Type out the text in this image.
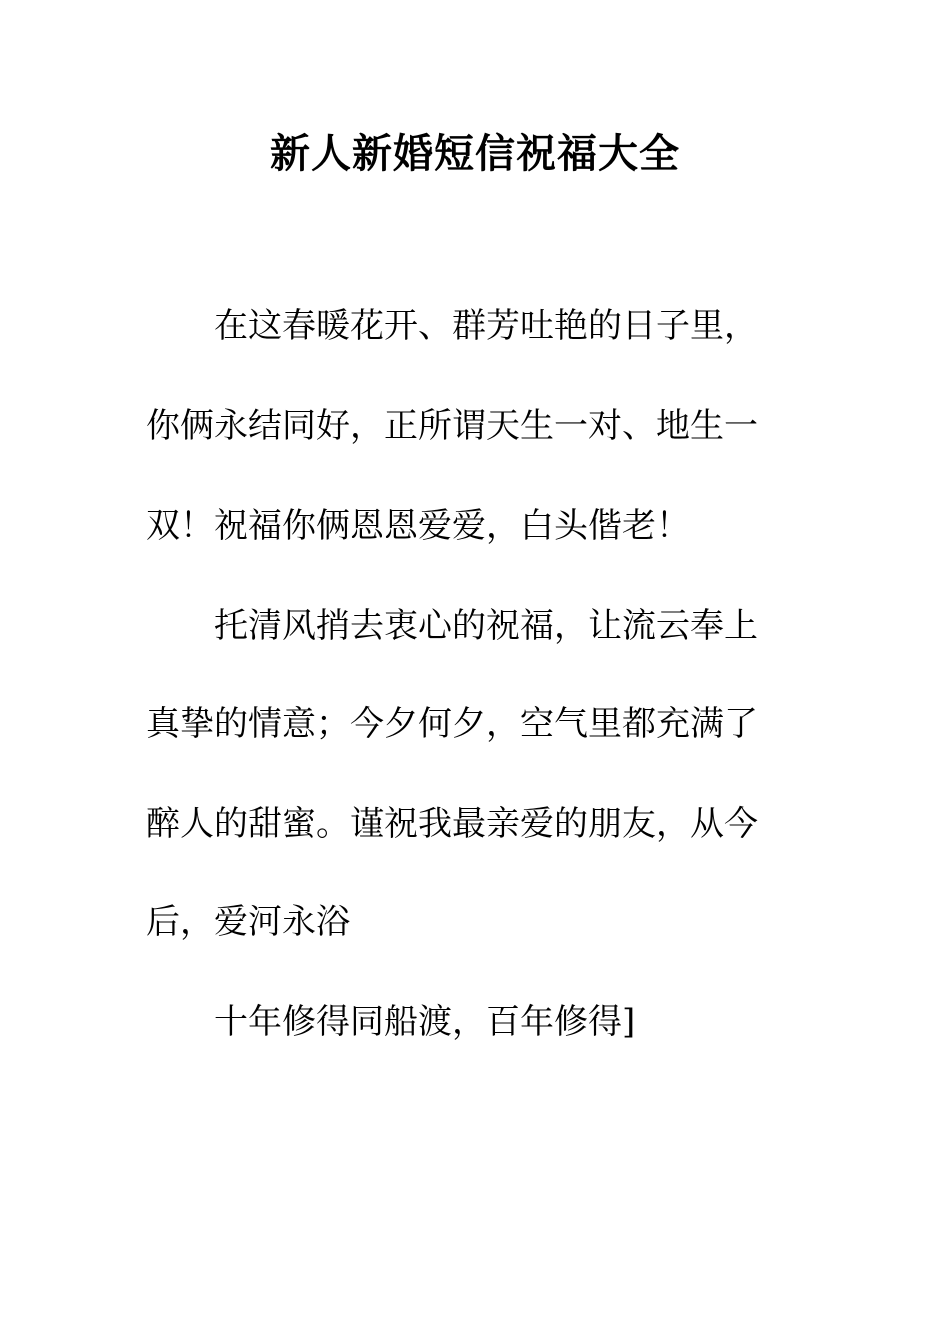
新人新婚短信祝福大全
在这春暖花开、群芳吐艳的日子里，
你俩永结同好，正所谓天生一对、地生一
双！祝福你俩恩恩爱爱，白头偕老！
托清风捎去衷心的祝福，让流云奉上
真挚的情意；今夕何夕，空气里都充满了
醉人的甜蜜。谨祝我最亲爱的朋友，从今
后，爱河永浴
十年修得同船渡，百年修得]
